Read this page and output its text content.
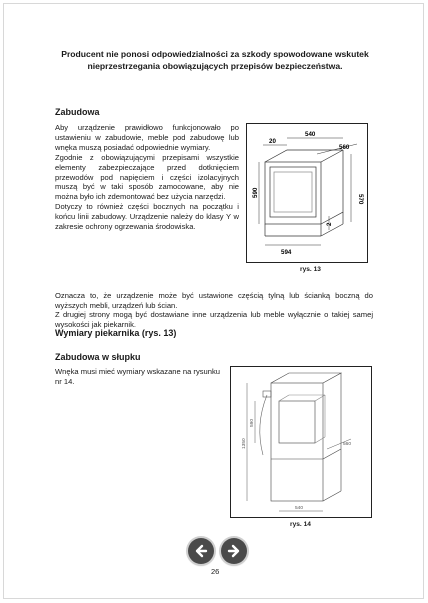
Producent nie ponosi odpowiedzialności za szkody spowodowane wskutek nieprzestrzegania obowiązujących przepisów bezpieczeństwa.
Zabudowa
Aby urządzenie prawidłowo funkcjonowało po ustawieniu w zabudowie, meble pod zabudowę lub wnęka muszą posiadać odpowiednie wymiary.
Zgodnie z obowiązującymi przepisami wszystkie elementy zabezpieczające przed dotknięciem przewodów pod napięciem i części izolacyjnych muszą być w taki sposób zamocowane, aby nie można było ich zdemontować bez użycia narzędzi.
Dotyczy to również części bocznych na początku i końcu linii zabudowy. Urządzenie należy do klasy Y w zakresie ochrony ogrzewania środowiska.
Oznacza to, że urządzenie może być ustawione częścią tylną lub ścianką boczną do wyższych mebli, urządzeń lub ścian.
Z drugiej strony mogą być dostawiane inne urządzenia lub meble wyłącznie o takiej samej wysokości jak piekarnik.
20
540
560
590
570
594
2
rys. 13
Wymiary piekarnika (rys. 13)
Zabudowa w słupku
Wnęka musi mieć wymiary wskazane na rysunku nr 14.
590
1350	560
540
rys. 14
26
